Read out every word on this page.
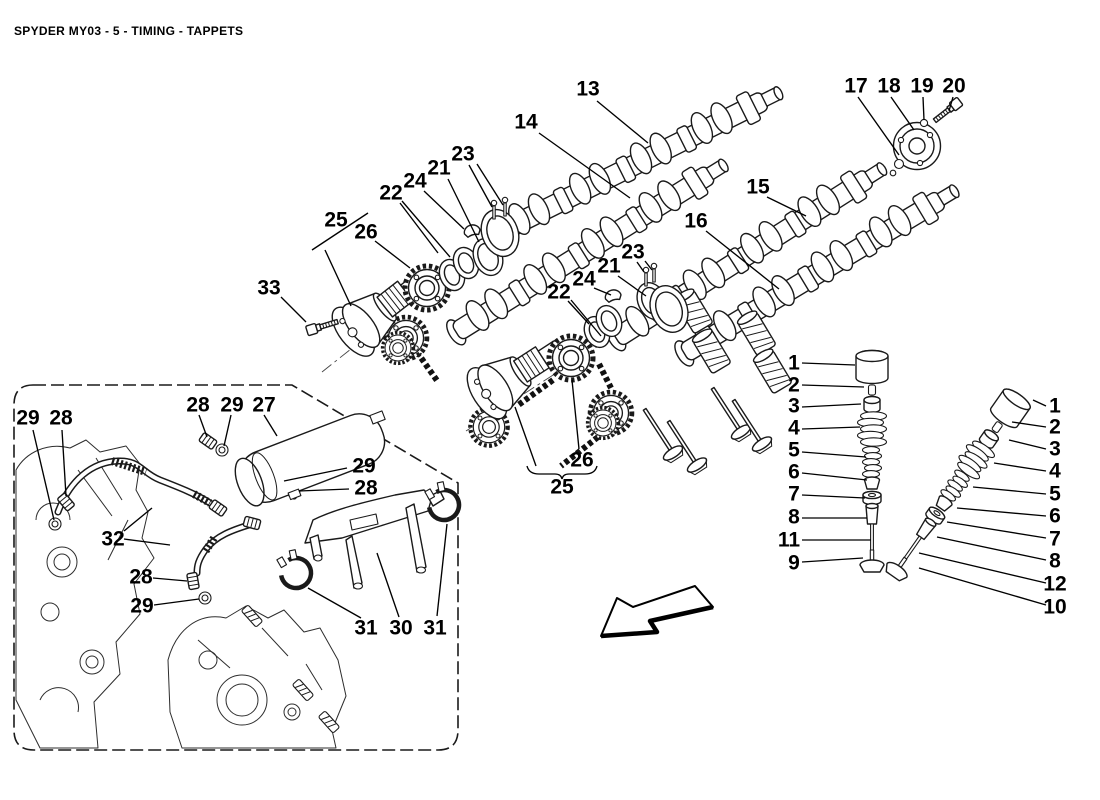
SPYDER MY03 - 5 - TIMING - TAPPETS
13
14
23
21
24
22
25
26
33
23
21
24
22
26
25
15
16
17 18 19 20
1
2
3
4
5
6
7
8
11
9
1
2
3
4
5
6
7
8
12
10
29 28
28 29 27
29
28
32
28
29
31 30 31
